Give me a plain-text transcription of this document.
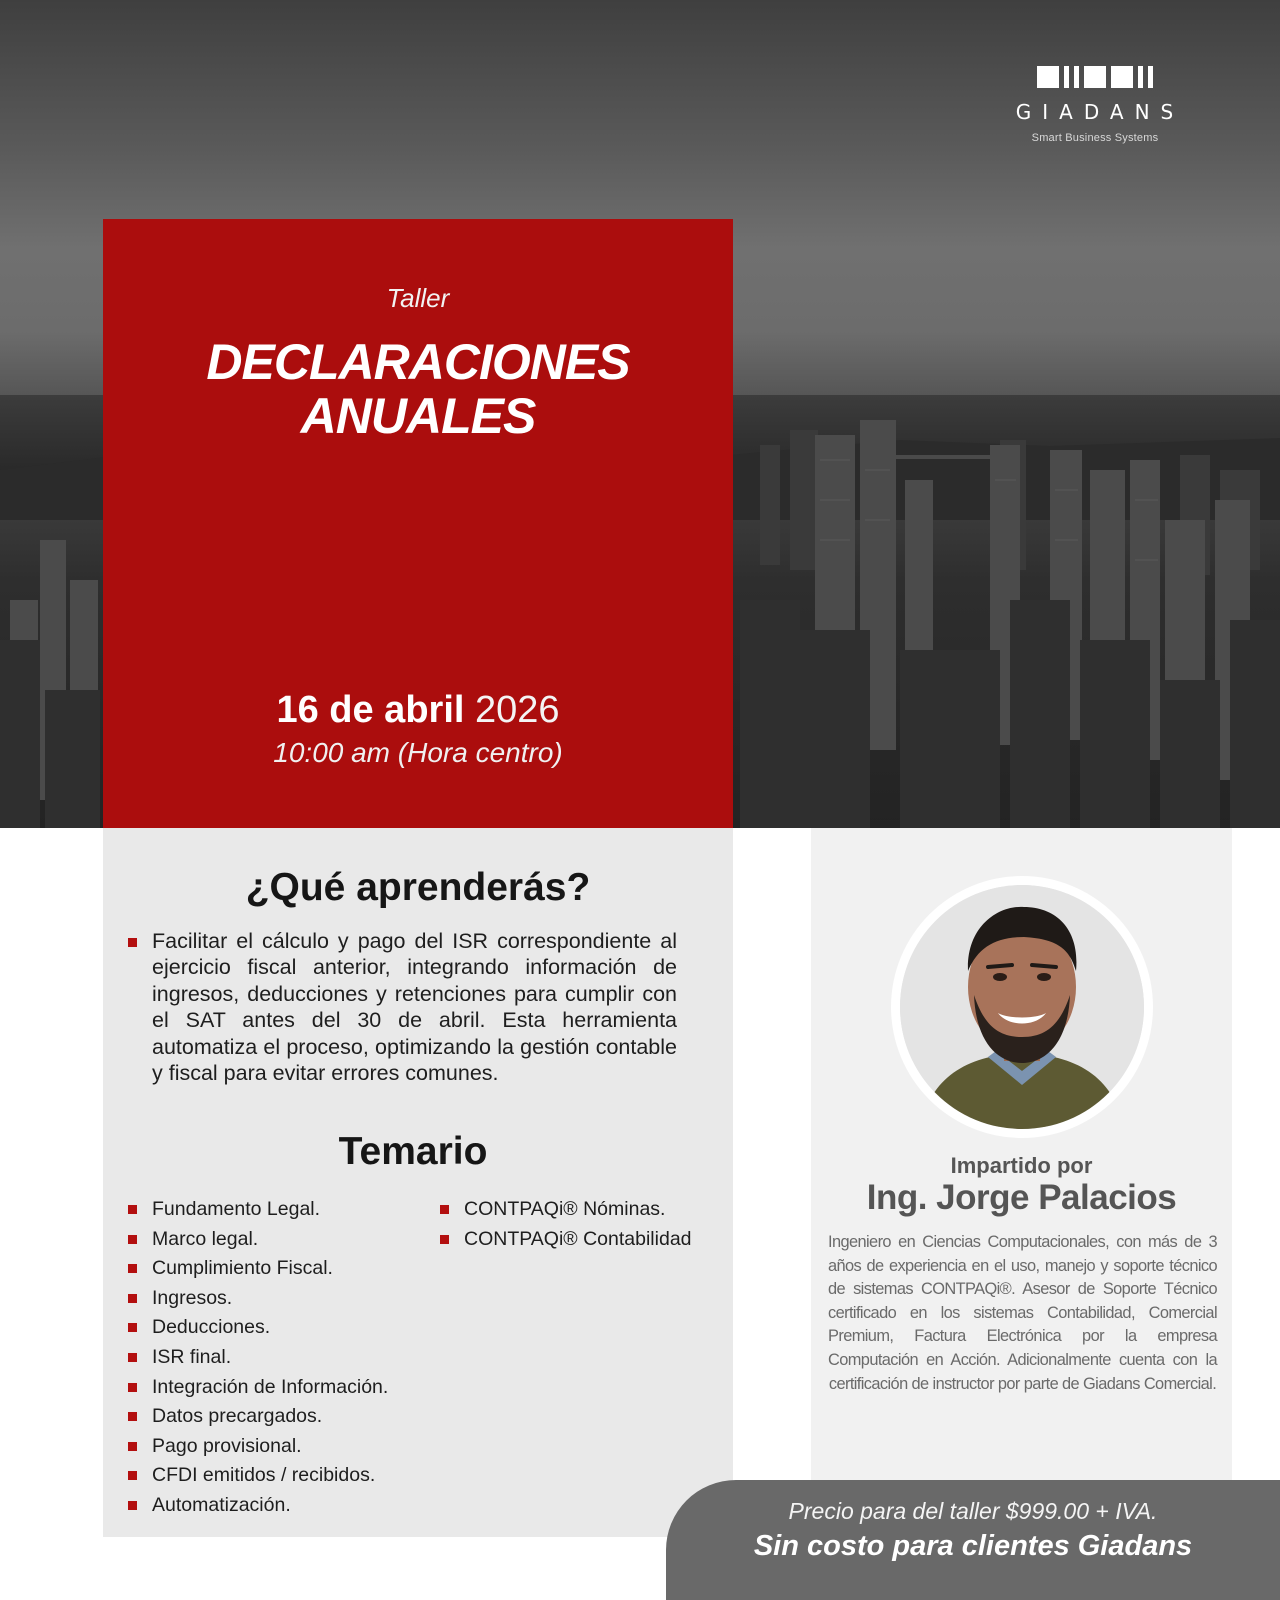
GIADANS
Smart Business Systems
Taller
DECLARACIONES
ANUALES
16 de abril 2026
10:00 am (Hora centro)
¿Qué aprenderás?
Facilitar el cálculo y pago del ISR correspondiente al ejercicio fiscal anterior, integrando información de ingresos, deducciones y retenciones para cumplir con el SAT antes del 30 de abril. Esta herramienta automatiza el proceso, optimizando la gestión contable y fiscal para evitar errores comunes.
Temario
Fundamento Legal.
Marco legal.
Cumplimiento Fiscal.
Ingresos.
Deducciones.
ISR final.
Integración de Información.
Datos precargados.
Pago provisional.
CFDI emitidos / recibidos.
Automatización.
CONTPAQi® Nóminas.
CONTPAQi® Contabilidad
Impartido por
Ing. Jorge Palacios
Ingeniero en Ciencias Computacionales, con más de 3 años de experiencia en el uso, manejo y soporte técnico de sistemas CONTPAQi®. Asesor de Soporte Técnico certificado en los sistemas Contabilidad, Comercial Premium, Factura Electrónica por la empresa Computación en Acción. Adicionalmente cuenta con la certificación de instructor por parte de Giadans Comercial.
Precio para del taller $999.00 + IVA.
Sin costo para clientes Giadans
